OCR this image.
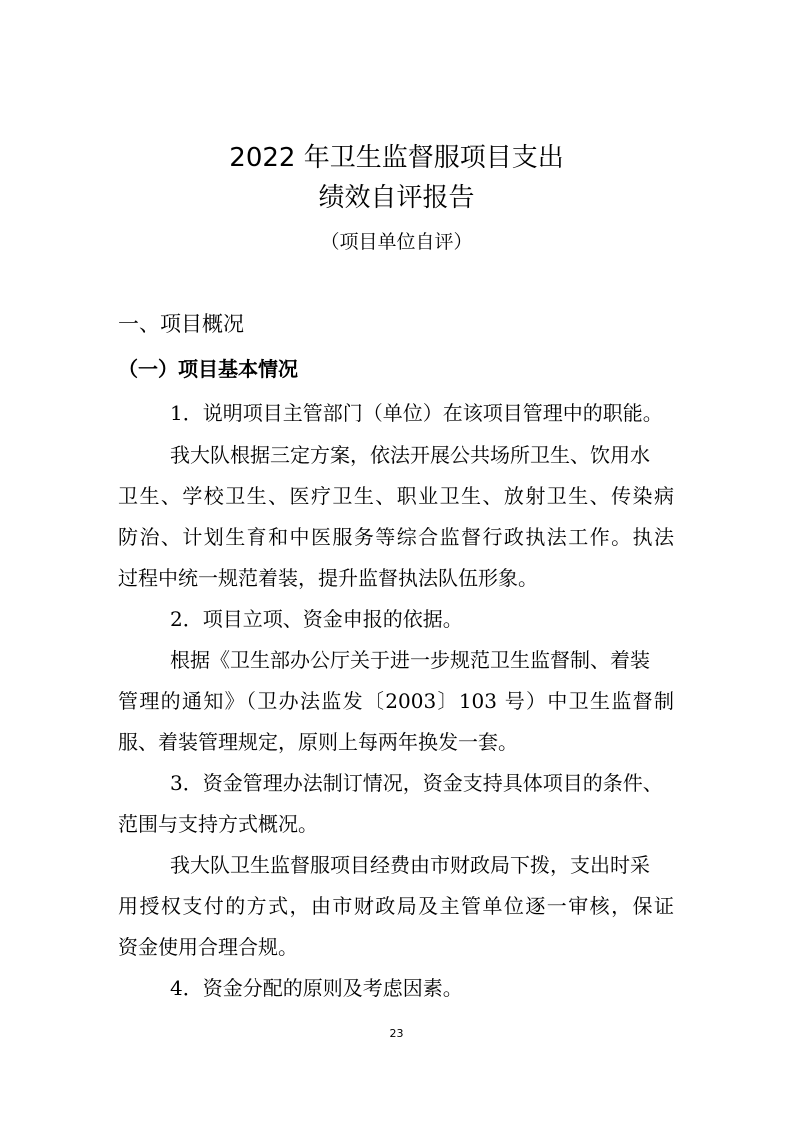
2022 年卫生监督服项目支出
绩效自评报告
（项目单位自评）
一、项目概况
（一）项目基本情况
1．说明项目主管部门（单位）在该项目管理中的职能。
我大队根据三定方案，依法开展公共场所卫生、饮用水
卫生、学校卫生、医疗卫生、职业卫生、放射卫生、传染病
防治、计划生育和中医服务等综合监督行政执法工作。执法
过程中统一规范着装，提升监督执法队伍形象。
2．项目立项、资金申报的依据。
根据《卫生部办公厅关于进一步规范卫生监督制、着装
管理的通知》（卫办法监发〔2003〕103 号）中卫生监督制
服、着装管理规定，原则上每两年换发一套。
3．资金管理办法制订情况，资金支持具体项目的条件、
范围与支持方式概况。
我大队卫生监督服项目经费由市财政局下拨，支出时采
用授权支付的方式，由市财政局及主管单位逐一审核，保证
资金使用合理合规。
4．资金分配的原则及考虑因素。
23
